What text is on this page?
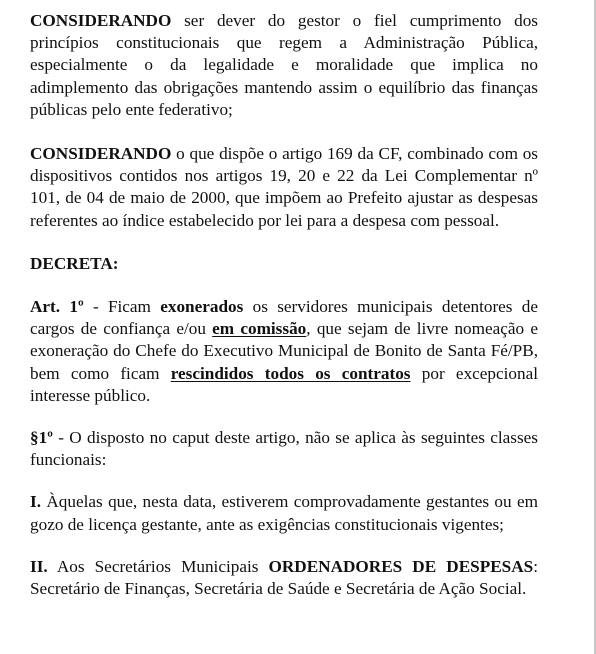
CONSIDERANDO ser dever do gestor o fiel cumprimento dos princípios constitucionais que regem a Administração Pública, especialmente o da legalidade e moralidade que implica no adimplemento das obrigações mantendo assim o equilíbrio das finanças públicas pelo ente federativo;

CONSIDERANDO o que dispõe o artigo 169 da CF, combinado com os dispositivos contidos nos artigos 19, 20 e 22 da Lei Complementar nº 101, de 04 de maio de 2000, que impõem ao Prefeito ajustar as despesas referentes ao índice estabelecido por lei para a despesa com pessoal.

DECRETA:

Art. 1º - Ficam exonerados os servidores municipais detentores de cargos de confiança e/ou em comissão, que sejam de livre nomeação e exoneração do Chefe do Executivo Municipal de Bonito de Santa Fé/PB, bem como ficam rescindidos todos os contratos por excepcional interesse público.

§1º - O disposto no caput deste artigo, não se aplica às seguintes classes funcionais:

I. Àquelas que, nesta data, estiverem comprovadamente gestantes ou em gozo de licença gestante, ante as exigências constitucionais vigentes;

II. Aos Secretários Municipais ORDENADORES DE DESPESAS: Secretário de Finanças, Secretária de Saúde e Secretária de Ação Social.
